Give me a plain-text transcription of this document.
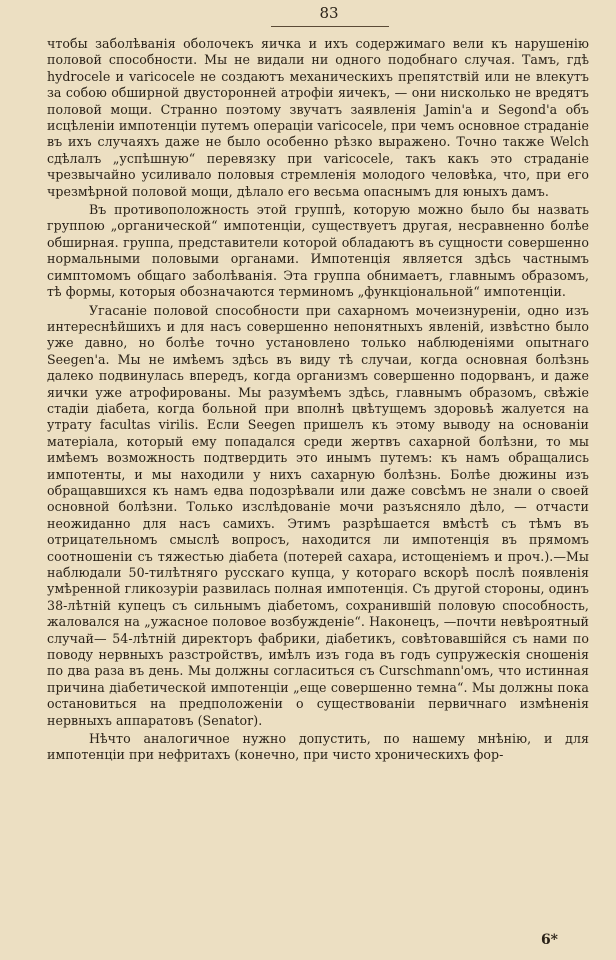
83

чтобы заболѣванія оболочекъ яичка и ихъ содержимаго вели къ нарушенію половой способности. Мы не видали ни одного подобнаго случая. Тамъ, гдѣ hydrocele и varicocele не создаютъ механическихъ препятствій или не влекутъ за собою обширной двусторонней атрофіи яичекъ, — они нисколько не вредятъ половой мощи. Странно поэтому звучатъ заявленія Jamin'a и Segond'a объ исцѣленіи импотенціи путемъ операціи varicocele, при чемъ основное страданіе въ ихъ случаяхъ даже не было особенно рѣзко выражено. Точно также Welch сдѣлалъ „успѣшную“ перевязку при varicocele, такъ какъ это страданіе чрезвычайно усиливало половыя стремленія молодого человѣка, что, при его чрезмѣрной половой мощи, дѣлало его весьма опаснымъ для юныхъ дамъ.

Въ противоположность этой группѣ, которую можно было бы назвать группою „органической“ импотенціи, существуетъ другая, несравненно болѣе обширная. группа, представители которой обладаютъ въ сущности совершенно нормальными половыми органами. Импотенція является здѣсь частнымъ симптомомъ общаго заболѣванія. Эта группа обнимаетъ, главнымъ образомъ, тѣ формы, которыя обозначаются терминомъ „функціональной“ импотенціи.

Угасаніе половой способности при сахарномъ мочеизнуреніи, одно изъ интереснѣйшихъ и для насъ совершенно непонятныхъ явленій, извѣстно было уже давно, но болѣе точно установлено только наблюденіями опытнаго Seegen'a. Мы не имѣемъ здѣсь въ виду тѣ случаи, когда основная болѣзнь далеко подвинулась впередъ, когда организмъ совершенно подорванъ, и даже яички уже атрофированы. Мы разумѣемъ здѣсь, главнымъ образомъ, свѣжіе стадіи діабета, когда больной при вполнѣ цвѣтущемъ здоровьѣ жалуется на утрату facultas virilis. Если Seegen пришелъ къ этому выводу на основаніи матеріала, который ему попадался среди жертвъ сахарной болѣзни, то мы имѣемъ возможность подтвердить это инымъ путемъ: къ намъ обращались импотенты, и мы находили у нихъ сахарную болѣзнь. Болѣе дюжины изъ обращавшихся къ намъ едва подозрѣвали или даже совсѣмъ не знали о своей основной болѣзни. Только изслѣдованіе мочи разъясняло дѣло, — отчасти неожиданно для насъ самихъ. Этимъ разрѣшается вмѣстѣ съ тѣмъ въ отрицательномъ смыслѣ вопросъ, находится ли импотенція въ прямомъ соотношеніи съ тяжестью діабета (потерей сахара, истощеніемъ и проч.).—Мы наблюдали 50-тилѣтняго русскаго купца, у котораго вскорѣ послѣ появленія умѣренной гликозуріи развилась полная импотенція. Съ другой стороны, одинъ 38-лѣтній купецъ съ сильнымъ діабетомъ, сохранившій половую способность, жаловался на „ужасное половое возбужденіе“. Наконецъ, —почти невѣроятный случай— 54-лѣтній директоръ фабрики, діабетикъ, совѣтовавшійся съ нами по поводу нервныхъ разстройствъ, имѣлъ изъ года въ годъ супружескія сношенія по два раза въ день. Мы должны согласиться съ Curschmann'омъ, что истинная причина діабетической импотенціи „еще совершенно темна“. Мы должны пока остановиться на предположеніи о существованіи первичнаго измѣненія нервныхъ аппаратовъ (Senator).

Нѣчто аналогичное нужно допустить, по нашему мнѣнію, и для импотенціи при нефритахъ (конечно, при чисто хроническихъ фор-

6*
